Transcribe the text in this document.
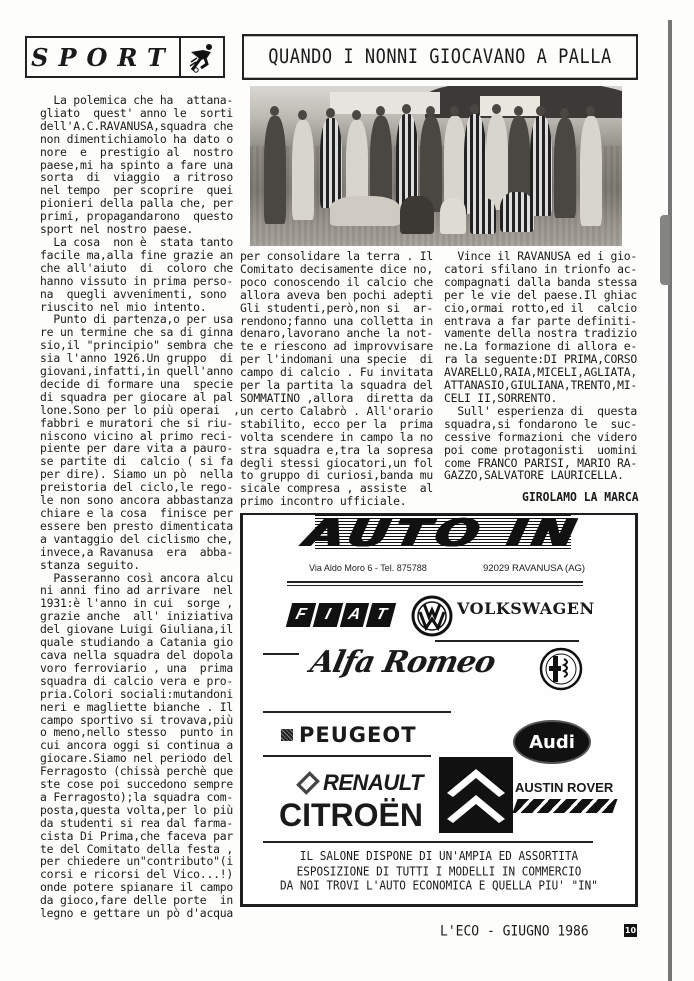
SPORT	QUANDO I NONNI GIOCAVANO A PALLA
La polemica che ha  attana-
gliato  quest' anno le  sorti
dell'A.C.RAVANUSA,squadra che
non dimentichiamolo ha dato o
nore  e  prestigio al  nostro
paese,mi ha spinto a fare una
sorta  di  viaggio  a ritroso
nel tempo  per scoprire  quei
pionieri della palla che, per
primi, propagandarono  questo
sport nel nostro paese.
La cosa  non è  stata tanto
facile ma,alla fine grazie an
che all'aiuto  di  coloro che
hanno vissuto in prima perso-
na  quegli avvenimenti, sono
riuscito nel mio intento.
Punto di partenza,o per usa
re un termine che sa di ginna
sio,il "principio" sembra che
sia l'anno 1926.Un gruppo  di
giovani,infatti,in quell'anno
decide di formare una  specie
di squadra per giocare al pal
lone.Sono per lo più operai  ,
fabbri e muratori che si riu-
niscono vicino al primo reci-
piente per dare vita a pauro-
se partite di  calcio ( si fa
per dire). Siamo un pò  nella
preistoria del ciclo,le rego-
le non sono ancora abbastanza
chiare e la cosa  finisce per
essere ben presto dimenticata
a vantaggio del ciclismo che,
invece,a Ravanusa  era  abba-
stanza seguito.
Passeranno così ancora alcu
ni anni fino ad arrivare  nel
1931:è l'anno in cui  sorge ,
grazie anche  all' iniziativa
del giovane Luigi Giuliana,il
quale studiando a Catania gio
cava nella squadra del dopola
voro ferroviario , una  prima
squadra di calcio vera e pro-
pria.Colori sociali:mutandoni
neri e magliette bianche . Il
campo sportivo si trovava,più
o meno,nello stesso  punto in
cui ancora oggi si continua a
giocare.Siamo nel periodo del
Ferragosto (chissà perchè que
ste cose poi succedono sempre
a Ferragosto);la squadra com-
posta,questa volta,per lo più
da studenti si rea dal farma-
cista Di Prima,che faceva par
te del Comitato della festa ,
per chiedere un"contributo"(i
corsi e ricorsi del Vico...!)
onde potere spianare il campo
da gioco,fare delle porte  in
legno e gettare un pò d'acqua
per consolidare la terra . Il
Comitato decisamente dice no,
poco conoscendo il calcio che
allora aveva ben pochi adepti
Gli studenti,però,non si  ar-
rendono;fanno una colletta in
denaro,lavorano anche la not-
te e riescono ad improvvisare
per l'indomani una specie  di
campo di calcio . Fu invitata
per la partita la squadra del
SOMMATINO ,allora  diretta da
un certo Calabrò . All'orario
stabilito, ecco per la  prima
volta scendere in campo la no
stra squadra e,tra la sopresa
degli stessi giocatori,un fol
to gruppo di curiosi,banda mu
sicale compresa , assiste  al
primo incontro ufficiale.
Vince il RAVANUSA ed i gio-
catori sfilano in trionfo ac-
compagnati dalla banda stessa
per le vie del paese.Il ghiac
cio,ormai rotto,ed il  calcio
entrava a far parte definiti-
vamente della nostra tradizio
ne.La formazione di allora e-
ra la seguente:DI PRIMA,CORSO
AVARELLO,RAIA,MICELI,AGLIATA,
ATTANASIO,GIULIANA,TRENTO,MI-
CELI II,SORRENTO.
Sull' esperienza di  questa
squadra,si fondarono le  suc-
cessive formazioni che videro
poi come protagonisti  uomini
come FRANCO PARISI, MARIO RA-
GAZZO,SALVATORE LAURICELLA.
GIROLAMO LA MARCA
AUTO IN
Via Aldo Moro 6 - Tel. 875788	92029 RAVANUSA (AG)
F I A T	VOLKSWAGEN
Alfa Romeo
PEUGEOT	Audi
RENAULT
CITROËN
AUSTIN ROVER
IL SALONE DISPONE DI UN'AMPIA ED ASSORTITA
ESPOSIZIONE DI TUTTI I MODELLI IN COMMERCIO
DA NOI TROVI L'AUTO ECONOMICA E QUELLA PIU' "IN"
L'ECO - GIUGNO 1986	10
